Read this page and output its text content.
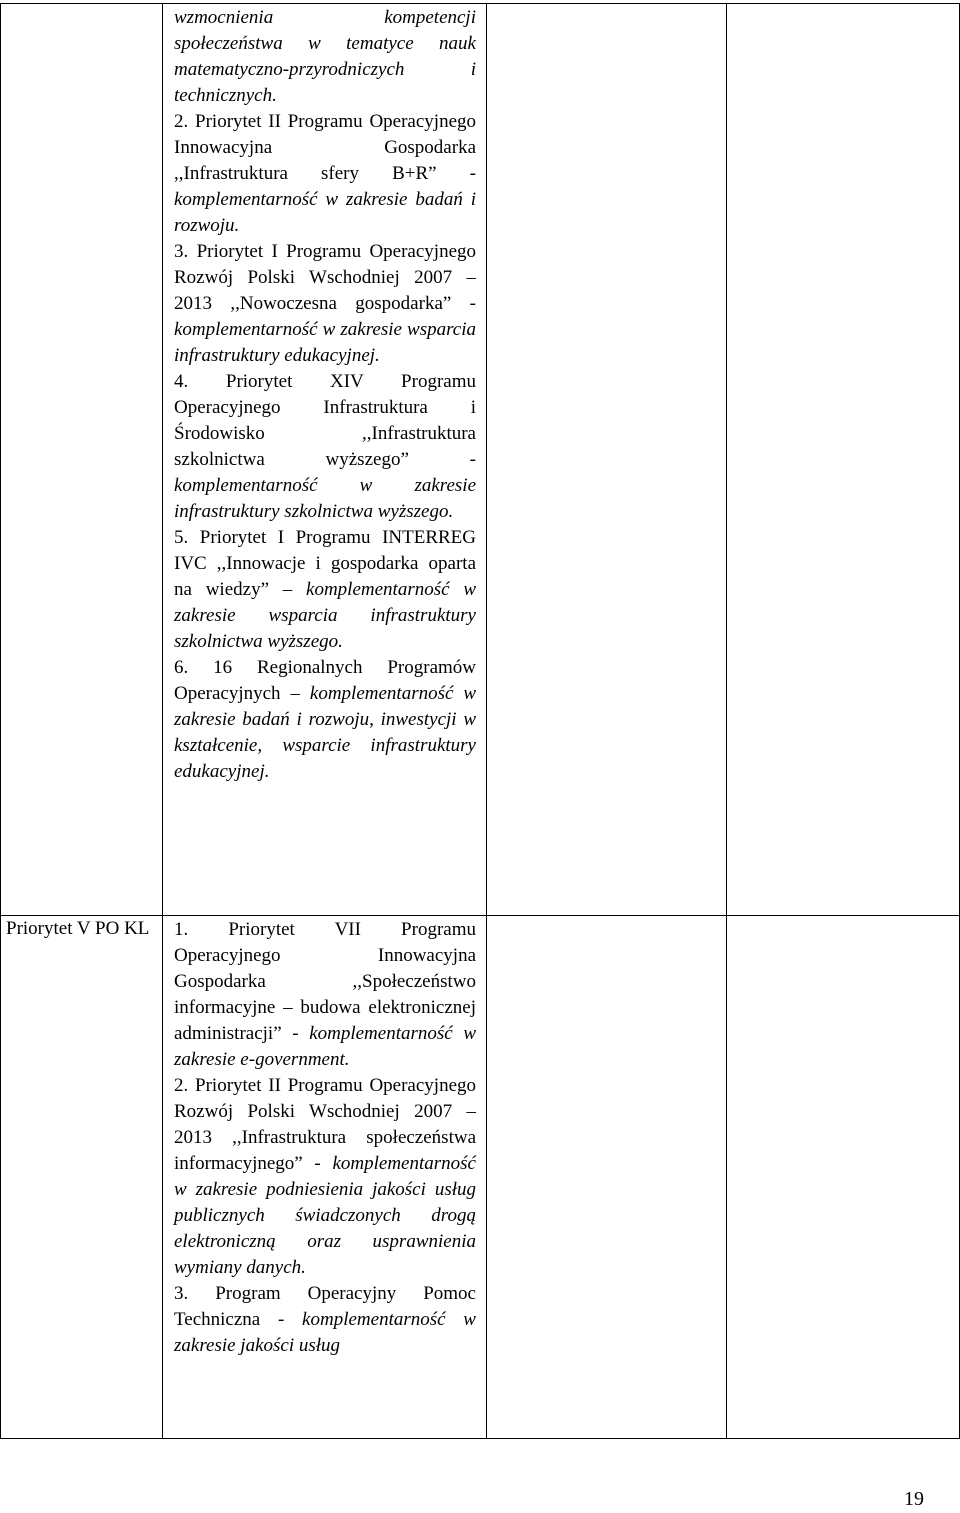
Priorytet V PO KL

wzmocnienia kompetencji społeczeństwa w tematyce nauk matematyczno-przyrodniczych i technicznych.

2. Priorytet II Programu Operacyjnego Innowacyjna Gospodarka ,,Infrastruktura sfery B+R” - komplementarność w zakresie badań i rozwoju.

3. Priorytet I Programu Operacyjnego Rozwój Polski Wschodniej 2007 – 2013 ,,Nowoczesna gospodarka” - komplementarność w zakresie wsparcia infrastruktury edukacyjnej.

4. Priorytet XIV Programu Operacyjnego Infrastruktura i Środowisko ,,Infrastruktura szkolnictwa wyższego” - komplementarność w zakresie infrastruktury szkolnictwa wyższego.

5. Priorytet I Programu INTERREG IVC ,,Innowacje i gospodarka oparta na wiedzy” – komplementarność w zakresie wsparcia infrastruktury szkolnictwa wyższego.

6. 16 Regionalnych Programów Operacyjnych – komplementarność w zakresie badań i rozwoju, inwestycji w kształcenie, wsparcie infrastruktury edukacyjnej.

1. Priorytet VII Programu Operacyjnego Innowacyjna Gospodarka ,,Społeczeństwo informacyjne – budowa elektronicznej administracji” - komplementarność w zakresie e-government.

2. Priorytet II Programu Operacyjnego Rozwój Polski Wschodniej 2007 – 2013 ,,Infrastruktura społeczeństwa informacyjnego” - komplementarność w zakresie podniesienia jakości usług publicznych świadczonych drogą elektroniczną oraz usprawnienia wymiany danych.

3. Program Operacyjny Pomoc Techniczna - komplementarność w zakresie jakości usług

19
